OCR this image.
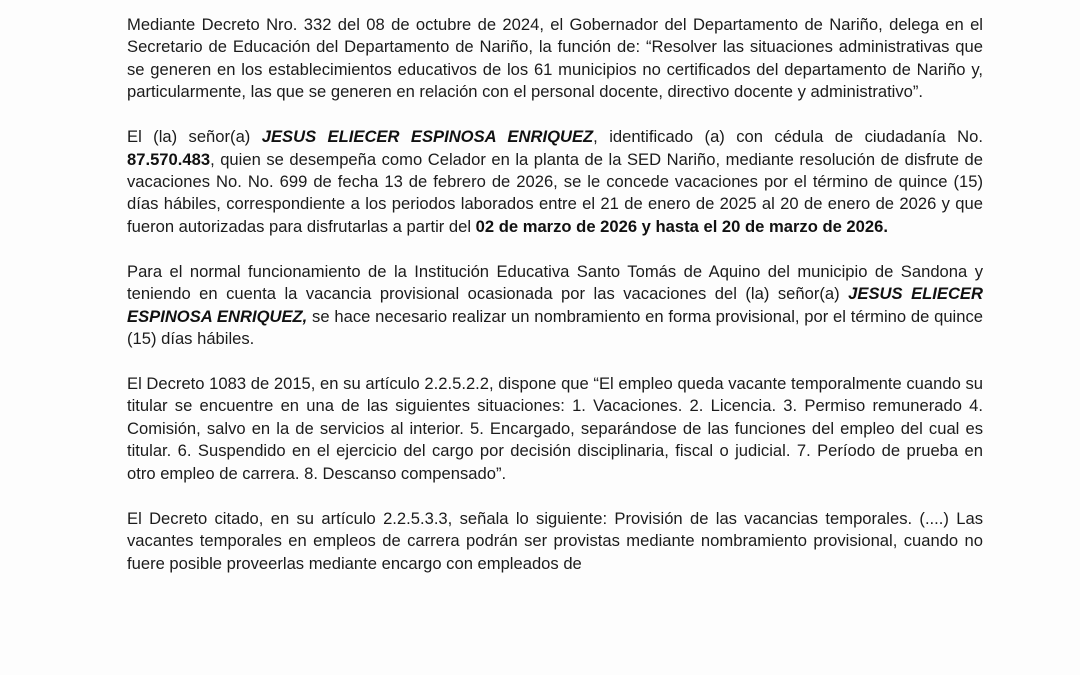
Mediante Decreto Nro. 332 del 08 de octubre de 2024, el Gobernador del Departamento de Nariño, delega en el Secretario de Educación del Departamento de Nariño, la función de: “Resolver las situaciones administrativas que se generen en los establecimientos educativos de los 61 municipios no certificados del departamento de Nariño y, particularmente, las que se generen en relación con el personal docente, directivo docente y administrativo”.

El (la) señor(a) JESUS ELIECER ESPINOSA ENRIQUEZ, identificado (a) con cédula de ciudadanía No. 87.570.483, quien se desempeña como Celador en la planta de la SED Nariño, mediante resolución de disfrute de vacaciones No. No. 699 de fecha 13 de febrero de 2026, se le concede vacaciones por el término de quince (15) días hábiles, correspondiente a los periodos laborados entre el 21 de enero de 2025 al 20 de enero de 2026 y que fueron autorizadas para disfrutarlas a partir del 02 de marzo de 2026 y hasta el 20 de marzo de 2026.

Para el normal funcionamiento de la Institución Educativa Santo Tomás de Aquino del municipio de Sandona y teniendo en cuenta la vacancia provisional ocasionada por las vacaciones del (la) señor(a) JESUS ELIECER ESPINOSA ENRIQUEZ, se hace necesario realizar un nombramiento en forma provisional, por el término de quince (15) días hábiles.

El Decreto 1083 de 2015, en su artículo 2.2.5.2.2, dispone que “El empleo queda vacante temporalmente cuando su titular se encuentre en una de las siguientes situaciones: 1. Vacaciones. 2. Licencia. 3. Permiso remunerado 4. Comisión, salvo en la de servicios al interior. 5. Encargado, separándose de las funciones del empleo del cual es titular. 6. Suspendido en el ejercicio del cargo por decisión disciplinaria, fiscal o judicial. 7. Período de prueba en otro empleo de carrera. 8. Descanso compensado”.

El Decreto citado, en su artículo 2.2.5.3.3, señala lo siguiente: Provisión de las vacancias temporales. (....) Las vacantes temporales en empleos de carrera podrán ser provistas mediante nombramiento provisional, cuando no fuere posible proveerlas mediante encargo con empleados de
